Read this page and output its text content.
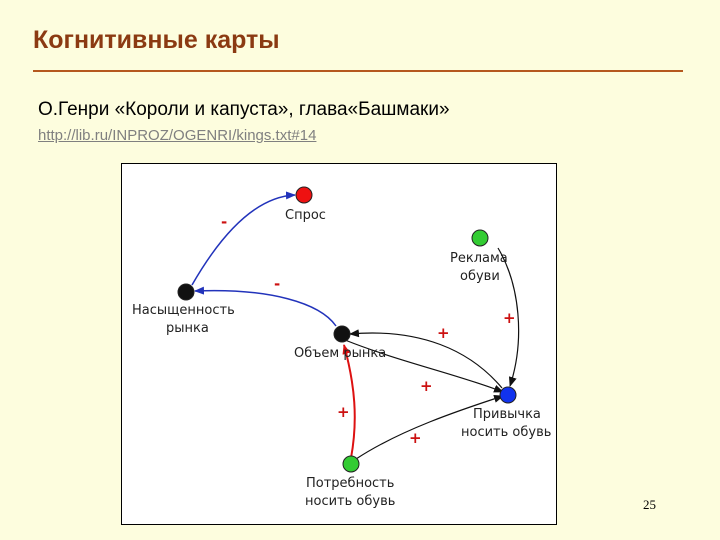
Когнитивные карты
О.Генри «Короли и капуста», глава«Башмаки»
http://lib.ru/INPROZ/OGENRI/kings.txt#14
-
-
+
+
+
+
+
Спрос
Реклама
обуви
Насыщенность
рынка
Объем рынка
Привычка
носить обувь
Потребность
носить обувь	25
